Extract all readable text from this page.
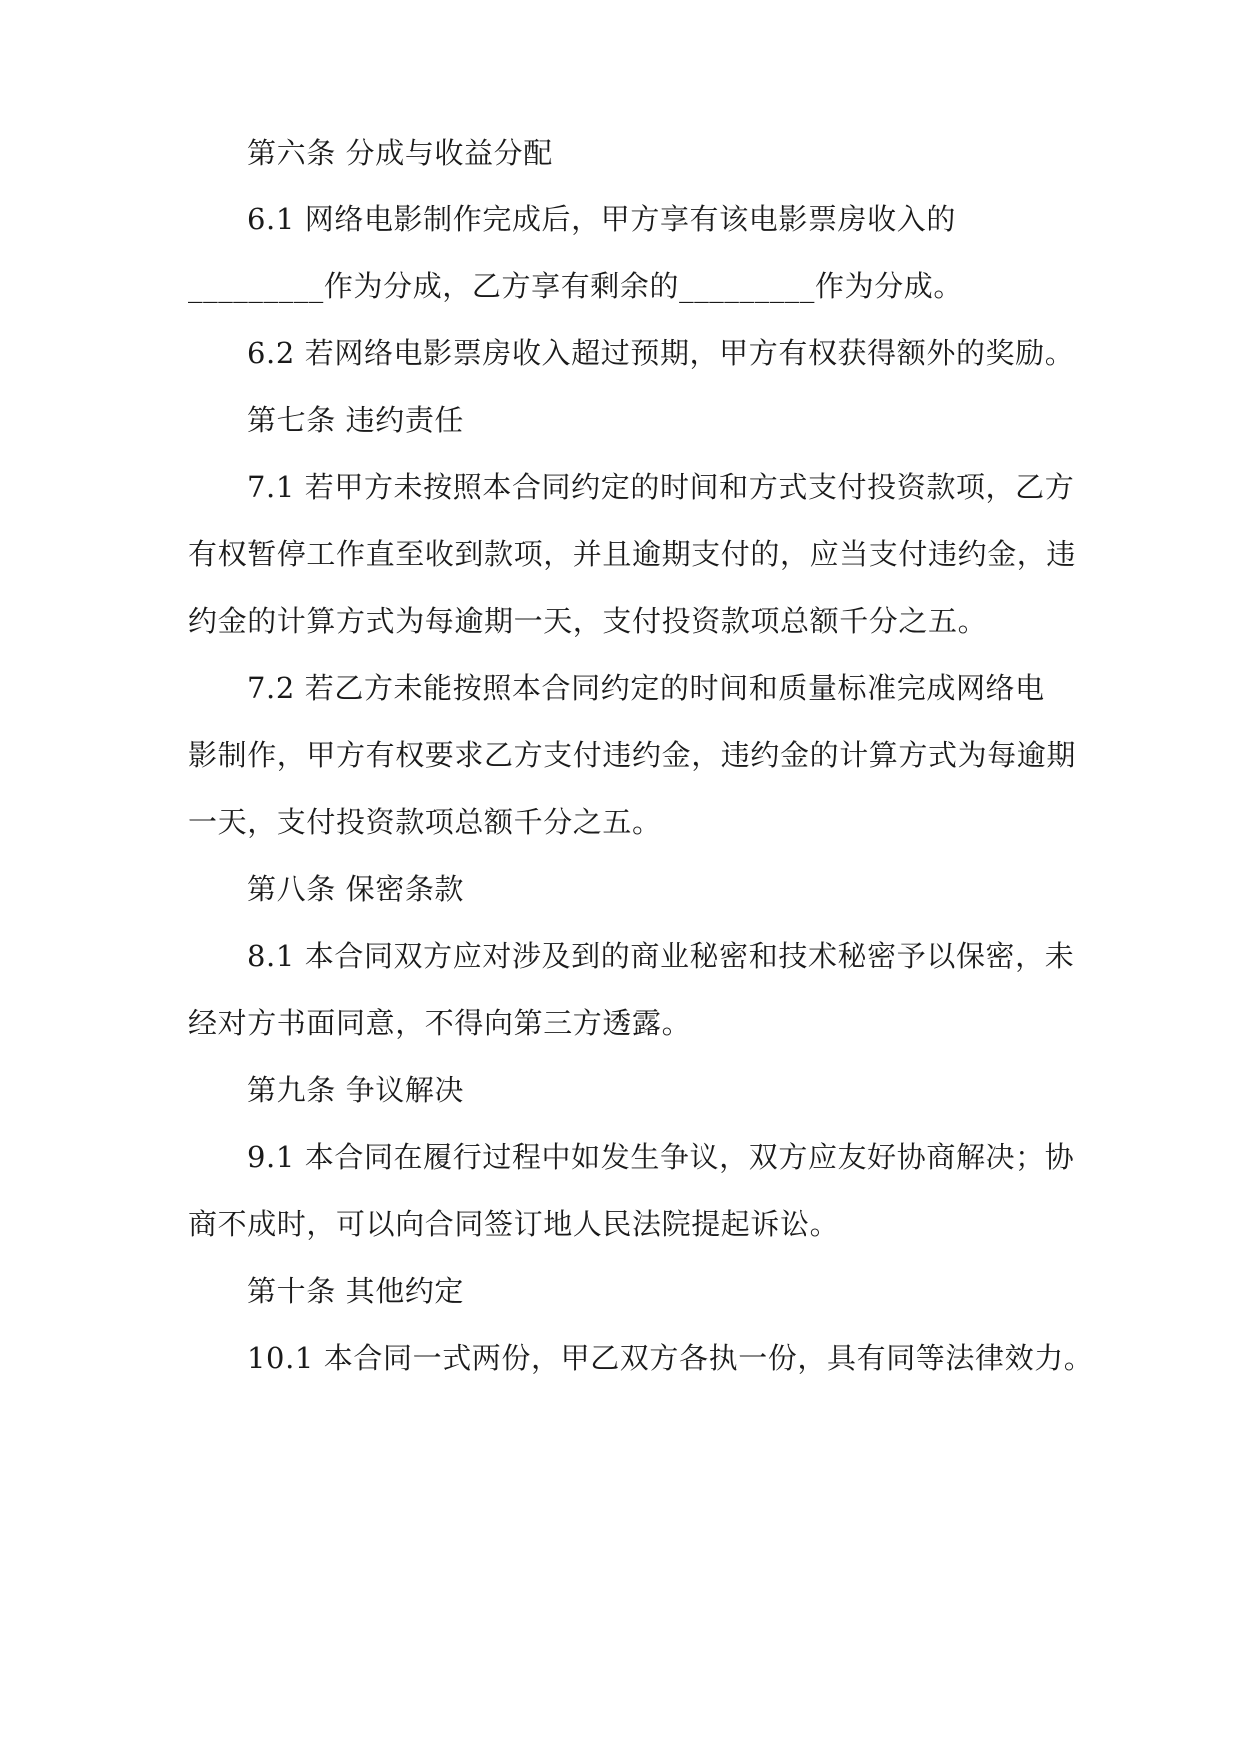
第六条 分成与收益分配
6.1 网络电影制作完成后，甲方享有该电影票房收入的
_________作为分成，乙方享有剩余的_________作为分成。
6.2 若网络电影票房收入超过预期，甲方有权获得额外的奖励。
第七条 违约责任
7.1 若甲方未按照本合同约定的时间和方式支付投资款项，乙方
有权暂停工作直至收到款项，并且逾期支付的，应当支付违约金，违
约金的计算方式为每逾期一天，支付投资款项总额千分之五。
7.2 若乙方未能按照本合同约定的时间和质量标准完成网络电
影制作，甲方有权要求乙方支付违约金，违约金的计算方式为每逾期
一天，支付投资款项总额千分之五。
第八条 保密条款
8.1 本合同双方应对涉及到的商业秘密和技术秘密予以保密，未
经对方书面同意，不得向第三方透露。
第九条 争议解决
9.1 本合同在履行过程中如发生争议，双方应友好协商解决；协
商不成时，可以向合同签订地人民法院提起诉讼。
第十条 其他约定
10.1 本合同一式两份，甲乙双方各执一份，具有同等法律效力。
